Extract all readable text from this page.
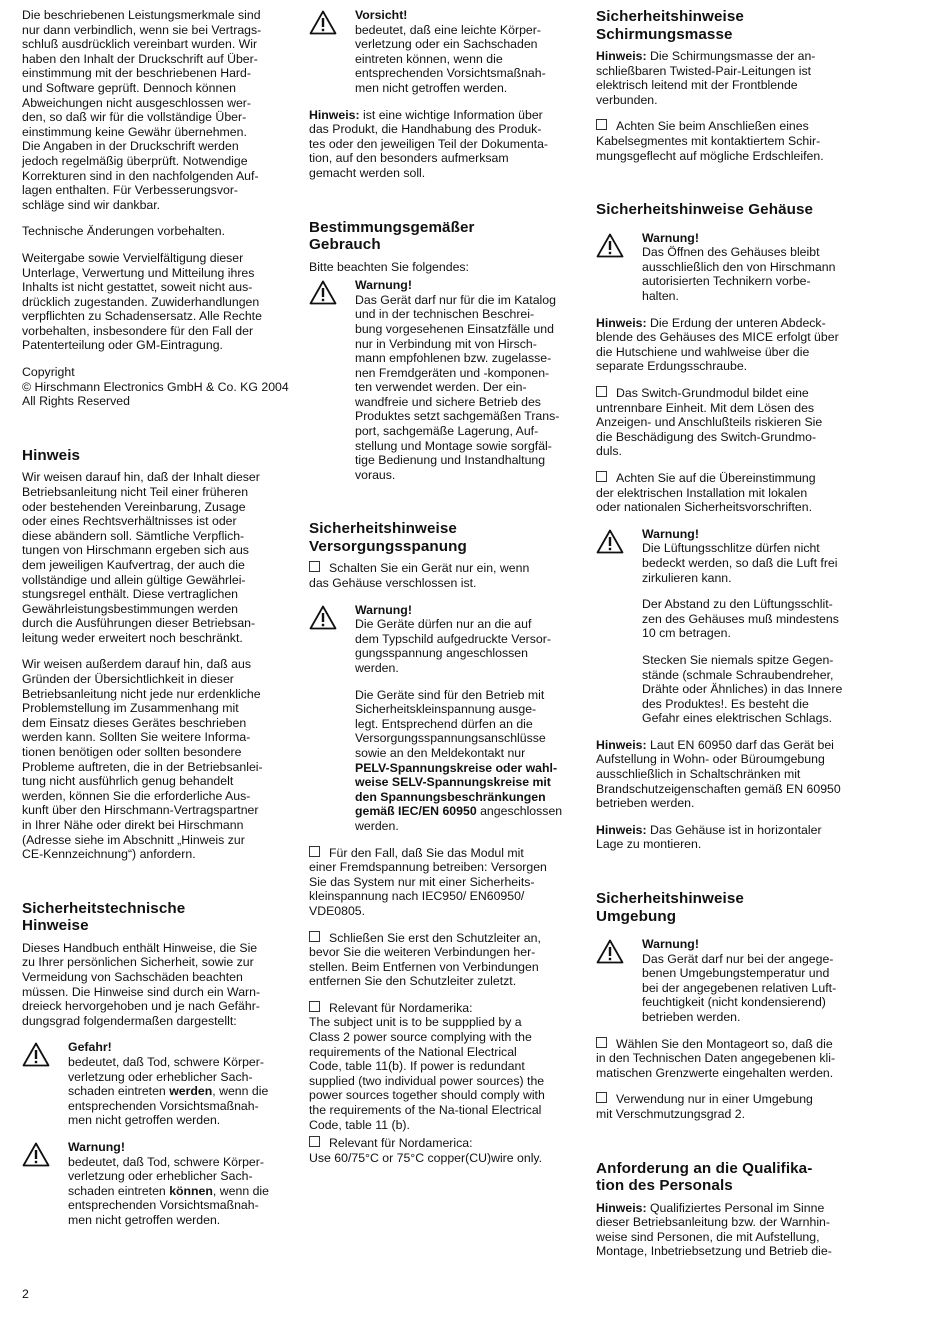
Die beschriebenen Leistungsmerkmale sind
nur dann verbindlich, wenn sie bei Vertrags-
schluß ausdrücklich vereinbart wurden. Wir
haben den Inhalt der Druckschrift auf Über-
einstimmung mit der beschriebenen Hard-
und Software geprüft. Dennoch können
Abweichungen nicht ausgeschlossen wer-
den, so daß wir für die vollständige Über-
einstimmung keine Gewähr übernehmen.
Die Angaben in der Druckschrift werden
jedoch regelmäßig überprüft. Notwendige
Korrekturen sind in den nachfolgenden Auf-
lagen enthalten. Für Verbesserungsvor-
schläge sind wir dankbar.

Technische Änderungen vorbehalten.

Weitergabe sowie Vervielfältigung dieser
Unterlage, Verwertung und Mitteilung ihres
Inhalts ist nicht gestattet, soweit nicht aus-
drücklich zugestanden. Zuwiderhandlungen
verpflichten zu Schadensersatz. Alle Rechte
vorbehalten, insbesondere für den Fall der
Patenterteilung oder GM-Eintragung.

Copyright
© Hirschmann Electronics GmbH & Co. KG 2004
All Rights Reserved

Hinweis

Wir weisen darauf hin, daß der Inhalt dieser
Betriebsanleitung nicht Teil einer früheren
oder bestehenden Vereinbarung, Zusage
oder eines Rechtsverhältnisses ist oder
diese abändern soll. Sämtliche Verpflich-
tungen von Hirschmann ergeben sich aus
dem jeweiligen Kaufvertrag, der auch die
vollständige und allein gültige Gewährlei-
stungsregel enthält. Diese vertraglichen
Gewährleistungsbestimmungen werden
durch die Ausführungen dieser Betriebsan-
leitung weder erweitert noch beschränkt.

Wir weisen außerdem darauf hin, daß aus
Gründen der Übersichtlichkeit in dieser
Betriebsanleitung nicht jede nur erdenkliche
Problemstellung im Zusammenhang mit
dem Einsatz dieses Gerätes beschrieben
werden kann. Sollten Sie weitere Informa-
tionen benötigen oder sollten besondere
Probleme auftreten, die in der Betriebsanlei-
tung nicht ausführlich genug behandelt
werden, können Sie die erforderliche Aus-
kunft über den Hirschmann-Vertragspartner
in Ihrer Nähe oder direkt bei Hirschmann
(Adresse siehe im Abschnitt „Hinweis zur
CE-Kennzeichnung“) anfordern.

Sicherheitstechnische
Hinweise

Dieses Handbuch enthält Hinweise, die Sie
zu Ihrer persönlichen Sicherheit, sowie zur
Vermeidung von Sachschäden beachten
müssen. Die Hinweise sind durch ein Warn-
dreieck hervorgehoben und je nach Gefähr-
dungsgrad folgendermaßen dargestellt:

Gefahr!

bedeutet, daß Tod, schwere Körper-
verletzung oder erheblicher Sach-
schaden eintreten werden, wenn die
entsprechenden Vorsichtsmaßnah-
men nicht getroffen werden.

Warnung!

bedeutet, daß Tod, schwere Körper-
verletzung oder erheblicher Sach-
schaden eintreten können, wenn die
entsprechenden Vorsichtsmaßnah-
men nicht getroffen werden.

Vorsicht!

bedeutet, daß eine leichte Körper-
verletzung oder ein Sachschaden
eintreten können, wenn die
entsprechenden Vorsichtsmaßnah-
men nicht getroffen werden.

Hinweis: ist eine wichtige Information über
das Produkt, die Handhabung des Produk-
tes oder den jeweiligen Teil der Dokumenta-
tion, auf den besonders aufmerksam
gemacht werden soll.

Bestimmungsgemäßer
Gebrauch

Bitte beachten Sie folgendes:

Warnung!

Das Gerät darf nur für die im Katalog
und in der technischen Beschrei-
bung vorgesehenen Einsatzfälle und
nur in Verbindung mit von Hirsch-
mann empfohlenen bzw. zugelasse-
nen Fremdgeräten und -komponen-
ten verwendet werden. Der ein-
wandfreie und sichere Betrieb des
Produktes setzt sachgemäßen Trans-
port, sachgemäße Lagerung, Auf-
stellung und Montage sowie sorgfäl-
tige Bedienung und Instandhaltung
voraus.

Sicherheitshinweise
Versorgungsspanung

Schalten Sie ein Gerät nur ein, wenn
das Gehäuse verschlossen ist.

Warnung!

Die Geräte dürfen nur an die auf
dem Typschild aufgedruckte Versor-
gungsspannung angeschlossen
werden.

Die Geräte sind für den Betrieb mit
Sicherheitskleinspannung ausge-
legt. Entsprechend dürfen an die
Versorgungsspannungsanschlüsse
sowie an den Meldekontakt nur
PELV-Spannungskreise oder wahl-
weise SELV-Spannungskreise mit
den Spannungsbeschränkungen
gemäß IEC/EN 60950 angeschlossen
werden.

Für den Fall, daß Sie das Modul mit
einer Fremdspannung betreiben: Versorgen
Sie das System nur mit einer Sicherheits-
kleinspannung nach IEC950/ EN60950/
VDE0805.

Schließen Sie erst den Schutzleiter an,
bevor Sie die weiteren Verbindungen her-
stellen. Beim Entfernen von Verbindungen
entfernen Sie den Schutzleiter zuletzt.

Relevant für Nordamerika:
The subject unit is to be suppplied by a
Class 2 power source complying with the
requirements of the National Electrical
Code, table 11(b). If power is redundant
supplied (two individual power sources) the
power sources together should comply with
the requirements of the Na-tional Electrical
Code, table 11 (b).

Relevant für Nordamerica:
Use 60/75°C or 75°C copper(CU)wire only.

Sicherheitshinweise
Schirmungsmasse

Hinweis: Die Schirmungsmasse der an-
schließbaren Twisted-Pair-Leitungen ist
elektrisch leitend mit der Frontblende
verbunden.

Achten Sie beim Anschließen eines
Kabelsegmentes mit kontaktiertem Schir-
mungsgeflecht auf mögliche Erdschleifen.

Sicherheitshinweise Gehäuse
Warnung!

Das Öffnen des Gehäuses bleibt
ausschließlich den von Hirschmann
autorisierten Technikern vorbe-
halten.

Hinweis: Die Erdung der unteren Abdeck-
blende des Gehäuses des MICE erfolgt über
die Hutschiene und wahlweise über die
separate Erdungsschraube.

Das Switch-Grundmodul bildet eine
untrennbare Einheit. Mit dem Lösen des
Anzeigen- und Anschlußteils riskieren Sie
die Beschädigung des Switch-Grundmo-
duls.

Achten Sie auf die Übereinstimmung
der elektrischen Installation mit lokalen
oder nationalen Sicherheitsvorschriften.

Warnung!

Die Lüftungsschlitze dürfen nicht
bedeckt werden, so daß die Luft frei
zirkulieren kann.

Der Abstand zu den Lüftungsschlit-
zen des Gehäuses muß mindestens
10 cm betragen.

Stecken Sie niemals spitze Gegen-
stände (schmale Schraubendreher,
Drähte oder Ähnliches) in das Innere
des Produktes!. Es besteht die
Gefahr eines elektrischen Schlags.

Hinweis: Laut EN 60950 darf das Gerät bei
Aufstellung in Wohn- oder Büroumgebung
ausschließlich in Schaltschränken mit
Brandschutzeigenschaften gemäß EN 60950
betrieben werden.

Hinweis: Das Gehäuse ist in horizontaler
Lage zu montieren.

Sicherheitshinweise
Umgebung
Warnung!

Das Gerät darf nur bei der angege-
benen Umgebungstemperatur und
bei der angegebenen relativen Luft-
feuchtigkeit (nicht kondensierend)
betrieben werden.

Wählen Sie den Montageort so, daß die
in den Technischen Daten angegebenen kli-
matischen Grenzwerte eingehalten werden.

Verwendung nur in einer Umgebung
mit Verschmutzungsgrad 2.

Anforderung an die Qualifika-
tion des Personals

Hinweis: Qualifiziertes Personal im Sinne
dieser Betriebsanleitung bzw. der Warnhin-
weise sind Personen, die mit Aufstellung,
Montage, Inbetriebsetzung und Betrieb die-

2
